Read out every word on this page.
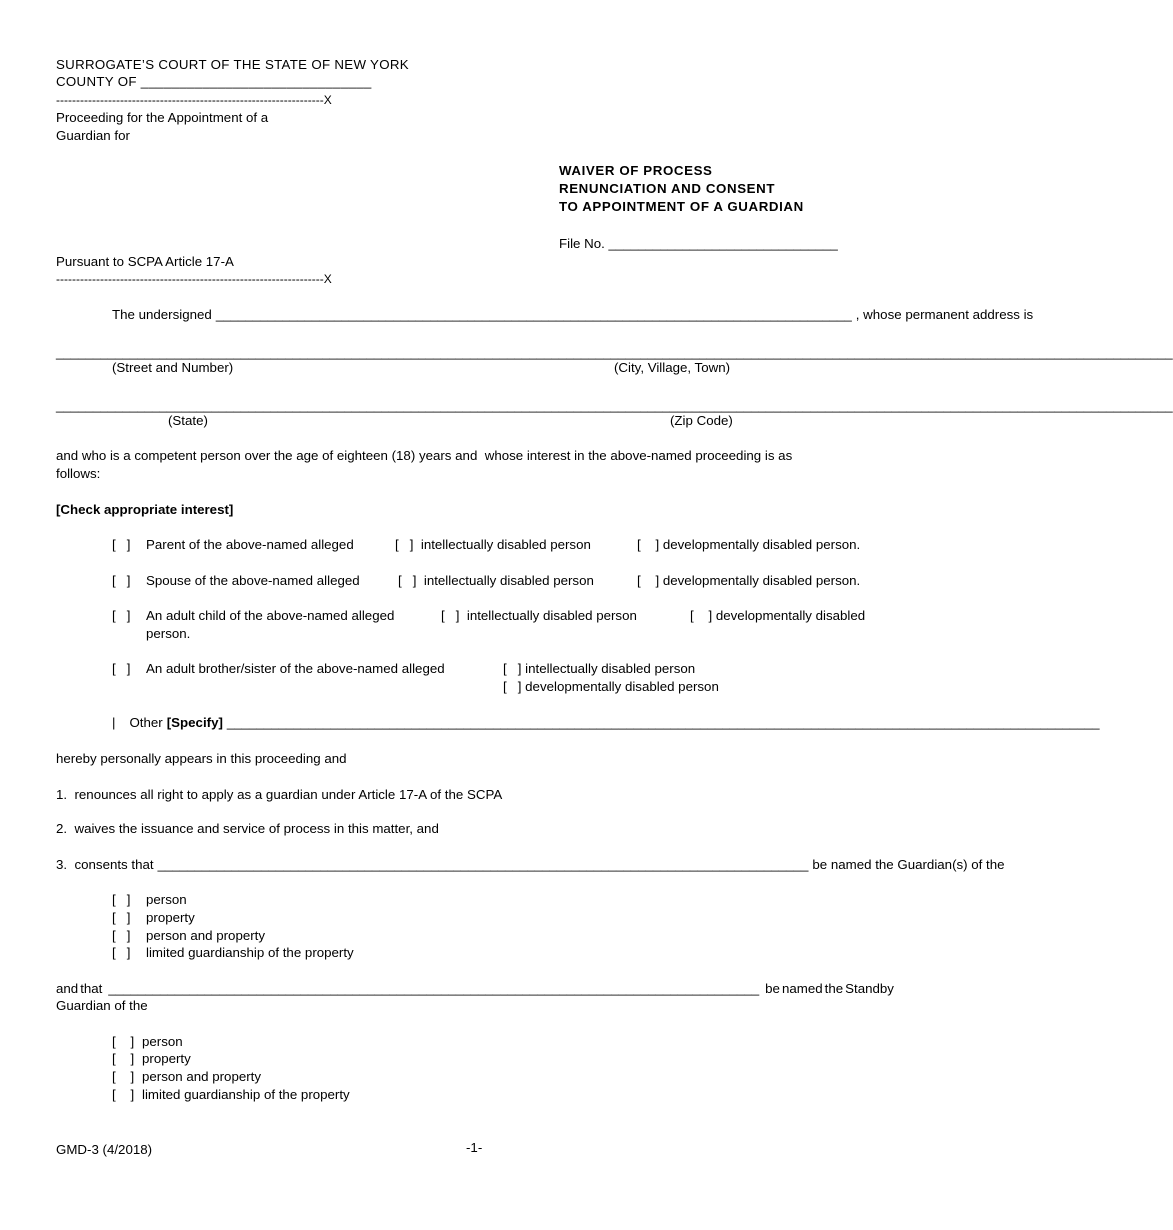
SURROGATE’S COURT OF THE STATE OF NEW YORK
COUNTY OF ______________________________
-------------------------------------------------------------------X
Proceeding for the Appointment of a
Guardian for
Pursuant to SCPA Article 17-A
-------------------------------------------------------------------X
WAIVER OF PROCESS
RENUNCIATION AND CONSENT
TO APPOINTMENT OF A GUARDIAN
File No. _______________________________
The undersigned ______________________________________________________________________________________ , whose permanent address is
_______________________________________________________________________________________________________________________________________________________
(Street and Number)	(City, Village, Town)
_______________________________________________________________________________________________________________________________________________________
(State)	(Zip Code)
and who is a competent person over the age of eighteen (18) years and  whose interest in the above-named proceeding is as
follows:
[Check appropriate interest]
[   ] Parent of the above-named alleged	[   ]  intellectually disabled person	[    ] developmentally disabled person.
[   ] Spouse of the above-named alleged	[   ]  intellectually disabled person	[    ] developmentally disabled person.
[   ] An adult child of the above-named alleged	[   ]  intellectually disabled person	[    ] developmentally disabled
person.
[   ] An adult brother/sister of the above-named alleged	[   ] intellectually disabled person
[   ] developmentally disabled person
| Other [Specify] ______________________________________________________________________________________________________________________
hereby personally appears in this proceeding and
1.  renounces all right to apply as a guardian under Article 17-A of the SCPA
2.  waives the issuance and service of process in this matter, and
3.  consents that ________________________________________________________________________________________ be named the Guardian(s) of the
[   ] person
[   ] property
[   ] person and property
[   ] limited guardianship of the property
and that ________________________________________________________________________________________ be named the Standby
Guardian of the
[    ] person
[    ] property
[    ] person and property
[    ] limited guardianship of the property
GMD-3 (4/2018)	-1-
